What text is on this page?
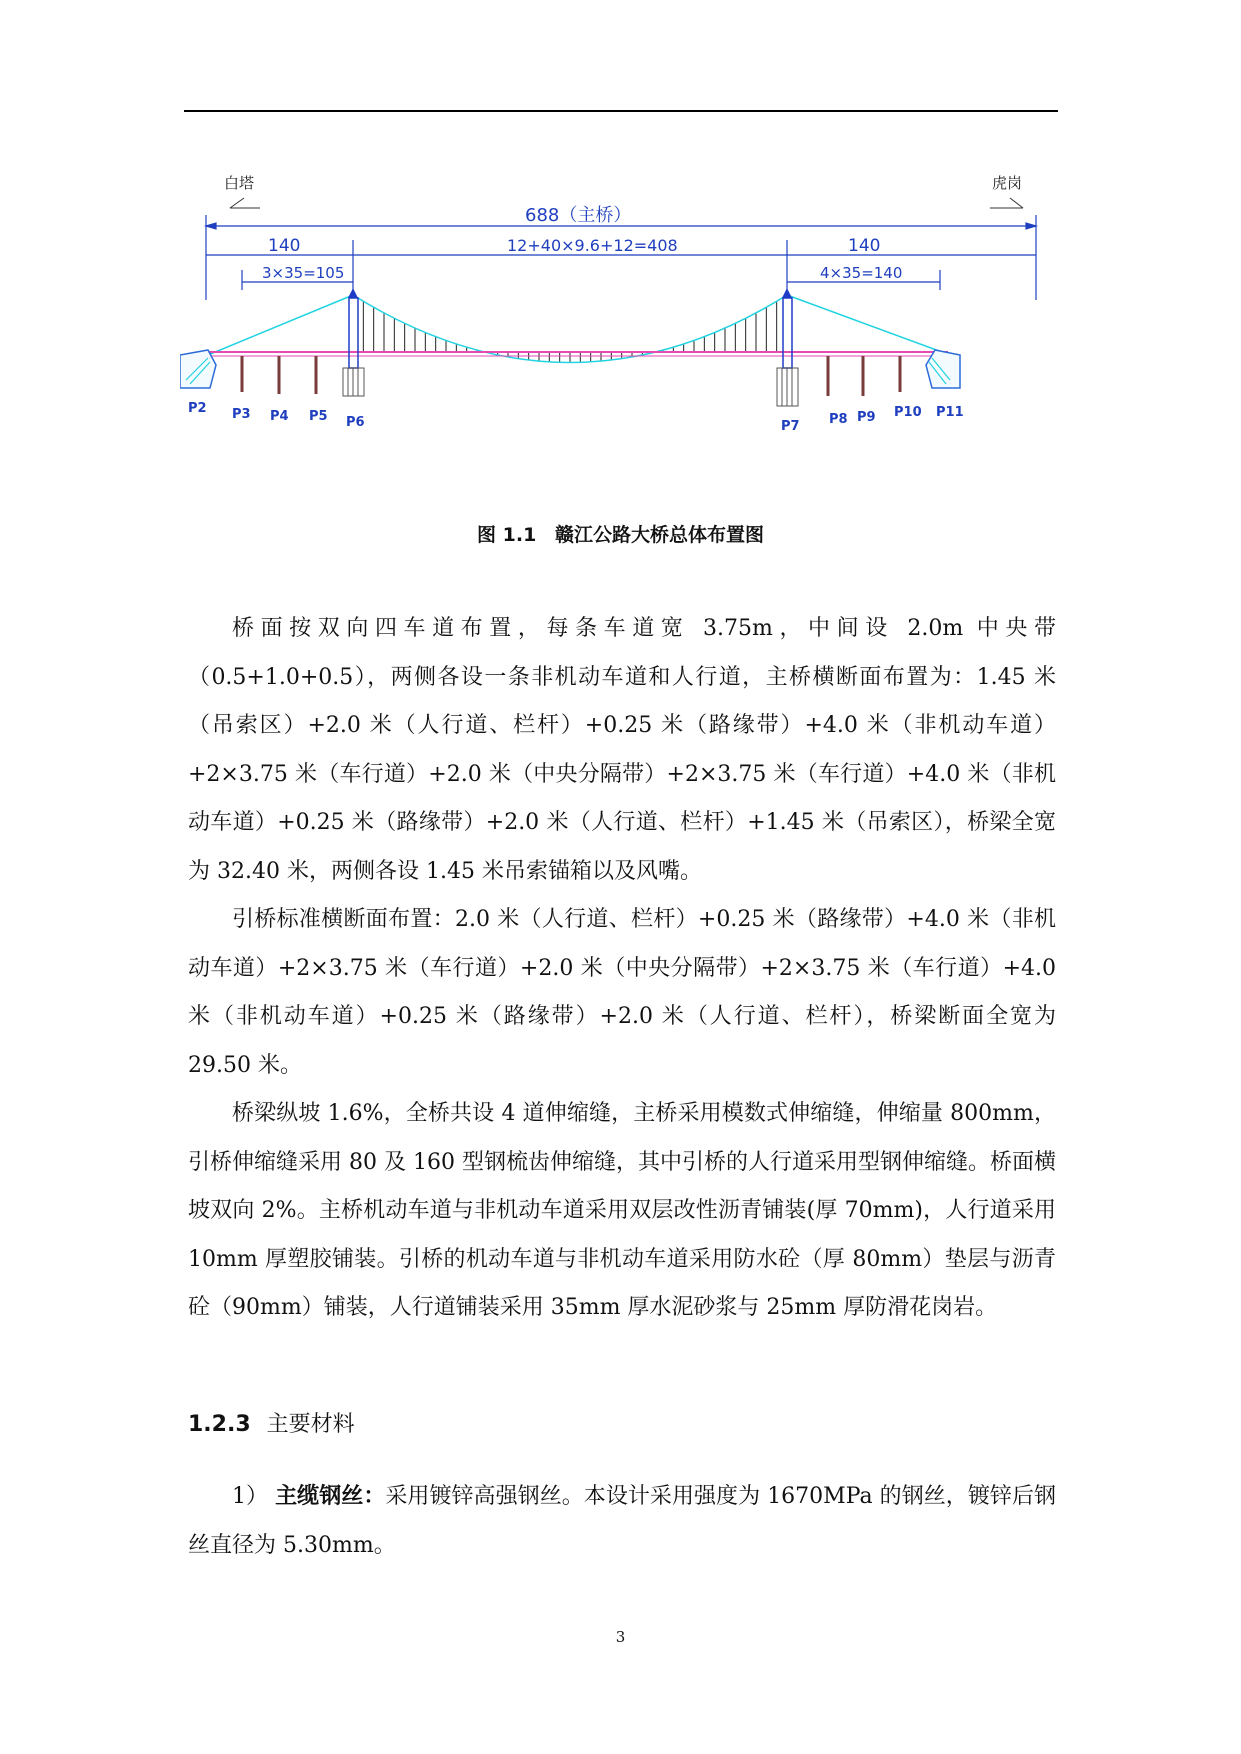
白塔	虎岗
688（主桥）
140	12+40×9.6+12=408	140
3×35=105	4×35=140
P2 P3 P4 P5 P6	P7 P8 P9 P10 P11
图 1.1 赣江公路大桥总体布置图

桥面按双向四车道布置，每条车道宽 3.75m，中间设 2.0m 中央带（0.5+1.0+0.5），两侧各设一条非机动车道和人行道，主桥横断面布置为：1.45 米（吊索区）+2.0 米（人行道、栏杆）+0.25 米（路缘带）+4.0 米（非机动车道）+2×3.75 米（车行道）+2.0 米（中央分隔带）+2×3.75 米（车行道）+4.0 米（非机动车道）+0.25 米（路缘带）+2.0 米（人行道、栏杆）+1.45 米（吊索区），桥梁全宽为 32.40 米，两侧各设 1.45 米吊索锚箱以及风嘴。

引桥标准横断面布置：2.0 米（人行道、栏杆）+0.25 米（路缘带）+4.0 米（非机动车道）+2×3.75 米（车行道）+2.0 米（中央分隔带）+2×3.75 米（车行道）+4.0 米（非机动车道）+0.25 米（路缘带）+2.0 米（人行道、栏杆），桥梁断面全宽为 29.50 米。

桥梁纵坡 1.6%，全桥共设 4 道伸缩缝，主桥采用模数式伸缩缝，伸缩量 800mm，引桥伸缩缝采用 80 及 160 型钢梳齿伸缩缝，其中引桥的人行道采用型钢伸缩缝。桥面横坡双向 2%。主桥机动车道与非机动车道采用双层改性沥青铺装(厚 70mm)，人行道采用 10mm 厚塑胶铺装。引桥的机动车道与非机动车道采用防水砼（厚 80mm）垫层与沥青砼（90mm）铺装，人行道铺装采用 35mm 厚水泥砂浆与 25mm 厚防滑花岗岩。

1.2.3 主要材料

1） 主缆钢丝：采用镀锌高强钢丝。本设计采用强度为 1670MPa 的钢丝，镀锌后钢丝直径为 5.30mm。

3
